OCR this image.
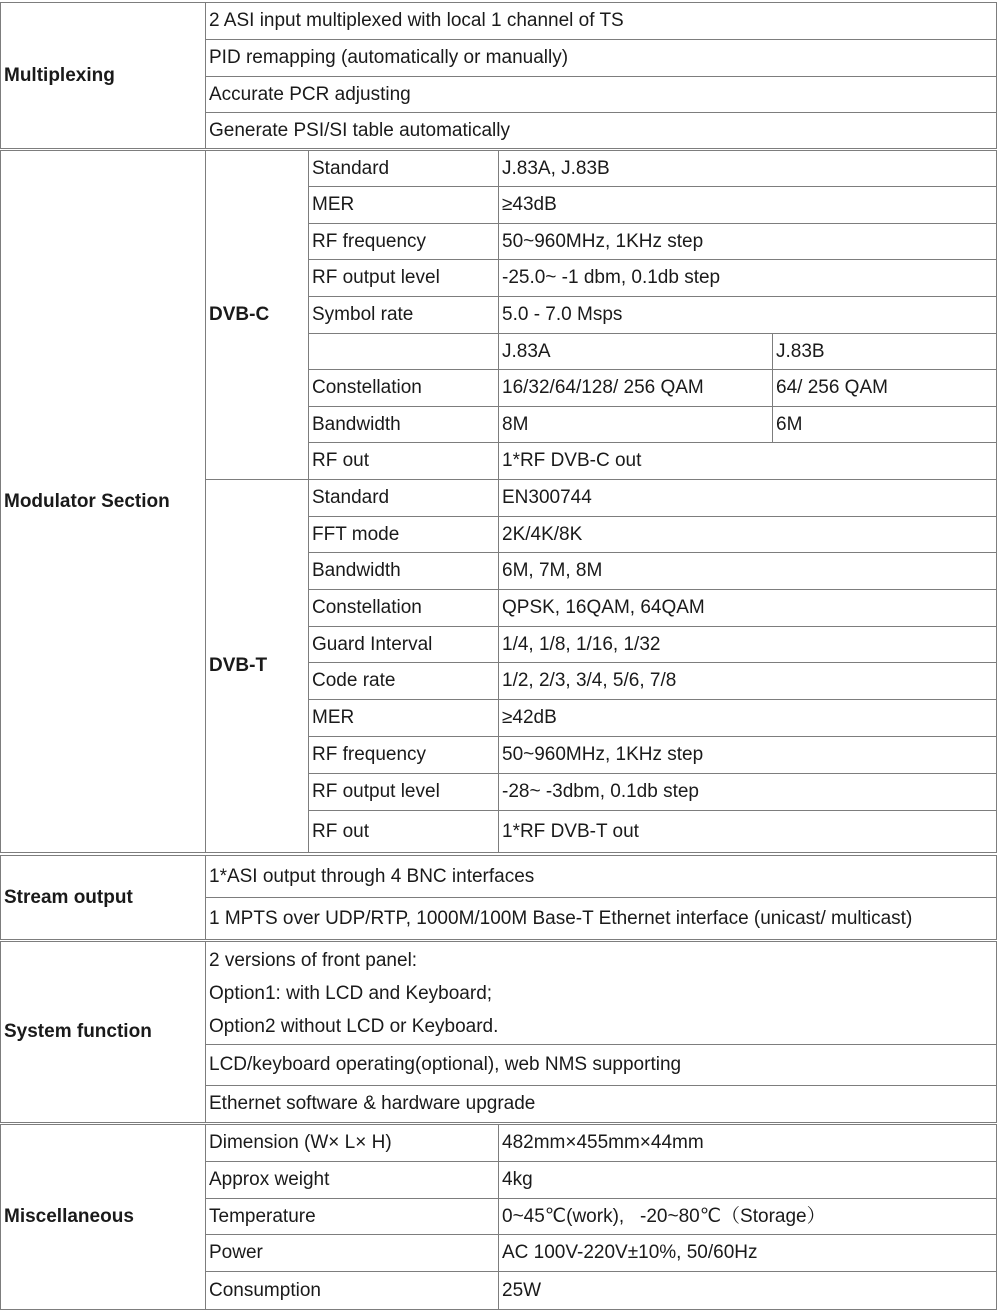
Multiplexing
2 ASI input multiplexed with local 1 channel of TS
PID remapping (automatically or manually)
Accurate PCR adjusting
Generate PSI/SI table automatically
Modulator Section
DVB-C
Standard	J.83A, J.83B
MER	≥43dB
RF frequency	50~960MHz, 1KHz step
RF output level	-25.0~ -1 dbm, 0.1db step
Symbol rate	5.0 - 7.0 Msps
J.83A	J.83B
Constellation	16/32/64/128/ 256 QAM	64/ 256 QAM
Bandwidth	8M	6M
RF out	1*RF DVB-C out
DVB-T
Standard	EN300744
FFT mode	2K/4K/8K
Bandwidth	6M, 7M, 8M
Constellation	QPSK, 16QAM, 64QAM
Guard Interval	1/4, 1/8, 1/16, 1/32
Code rate	1/2, 2/3, 3/4, 5/6, 7/8
MER	≥42dB
RF frequency	50~960MHz, 1KHz step
RF output level	-28~ -3dbm, 0.1db step
RF out	1*RF DVB-T out
Stream output
1*ASI output through 4 BNC interfaces
1 MPTS over UDP/RTP, 1000M/100M Base-T Ethernet interface (unicast/ multicast)
System function
2 versions of front panel:
Option1: with LCD and Keyboard;
Option2 without LCD or Keyboard.
LCD/keyboard operating(optional), web NMS supporting
Ethernet software & hardware upgrade
Miscellaneous
Dimension (W× L× H)	482mm×455mm×44mm
Approx weight	4kg
Temperature	0~45℃(work),   -20~80℃（Storage）
Power	AC 100V-220V±10%, 50/60Hz
Consumption	25W
